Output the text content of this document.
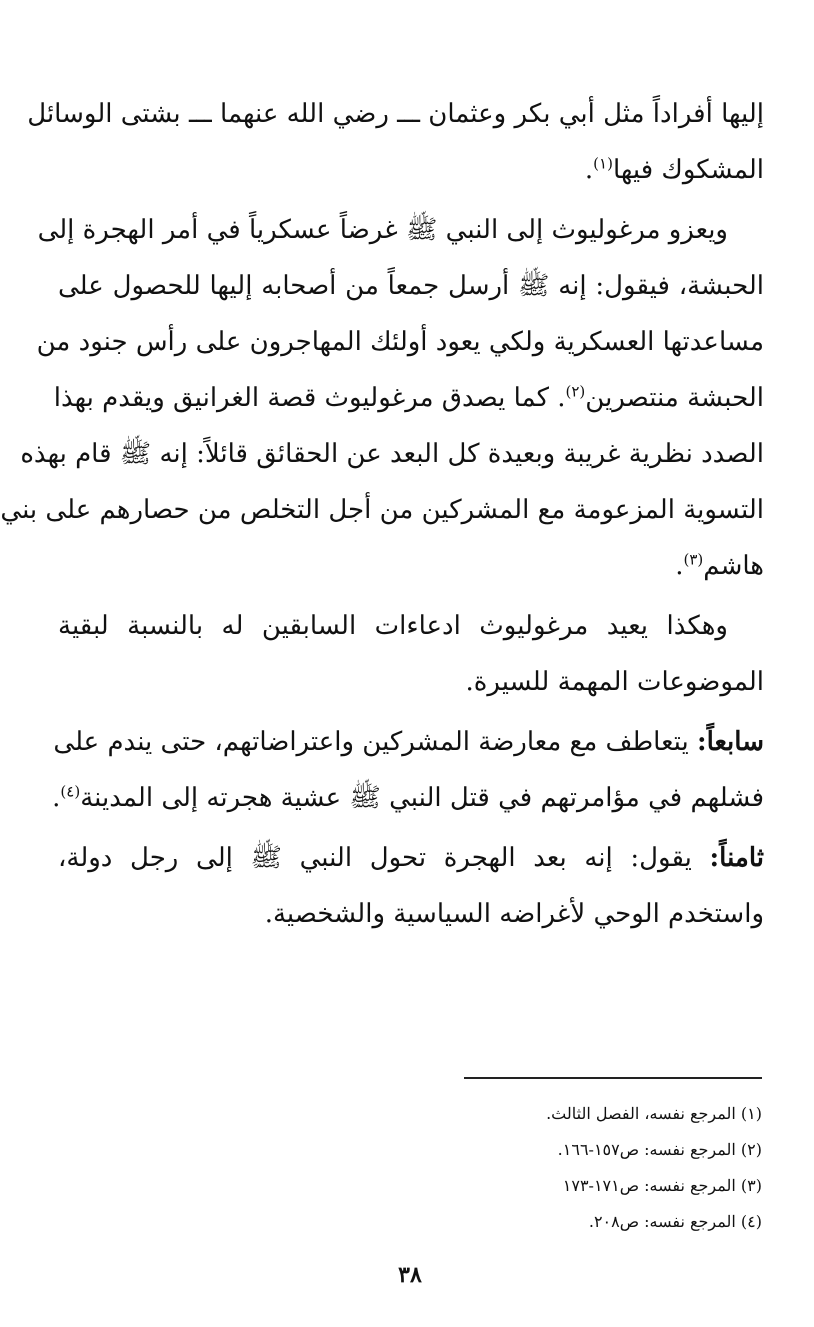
إليها أفراداً مثل أبي بكر وعثمان ـــ رضي الله عنهما ـــ بشتى الوسائل
المشكوك فيها$^{(١)}$.
ويعزو مرغوليوث إلى النبي ﷺ غرضاً عسكرياً في أمر الهجرة إلى
الحبشة، فيقول: إنه ﷺ أرسل جمعاً من أصحابه إليها للحصول على
مساعدتها العسكرية ولكي يعود أولئك المهاجرون على رأس جنود من
الحبشة منتصرين$^{(٢)}$. كما يصدق مرغوليوث قصة الغرانيق ويقدم بهذا
الصدد نظرية غريبة وبعيدة كل البعد عن الحقائق قائلاً: إنه ﷺ قام بهذه
التسوية المزعومة مع المشركين من أجل التخلص من حصارهم على بني
هاشم$^{(٣)}$.
وهكذا يعيد مرغوليوث ادعاءات السابقين له بالنسبة لبقية
الموضوعات المهمة للسيرة.
سابعاً: يتعاطف مع معارضة المشركين واعتراضاتهم، حتى يندم على
فشلهم في مؤامرتهم في قتل النبي ﷺ عشية هجرته إلى المدينة$^{(٤)}$.
ثامناً: يقول: إنه بعد الهجرة تحول النبي ﷺ إلى رجل دولة،
واستخدم الوحي لأغراضه السياسية والشخصية.
(١) المرجع نفسه، الفصل الثالث.
(٢) المرجع نفسه: ص١٥٧-١٦٦.
(٣) المرجع نفسه: ص١٧١-١٧٣
(٤) المرجع نفسه: ص٢٠٨.
٣٨
